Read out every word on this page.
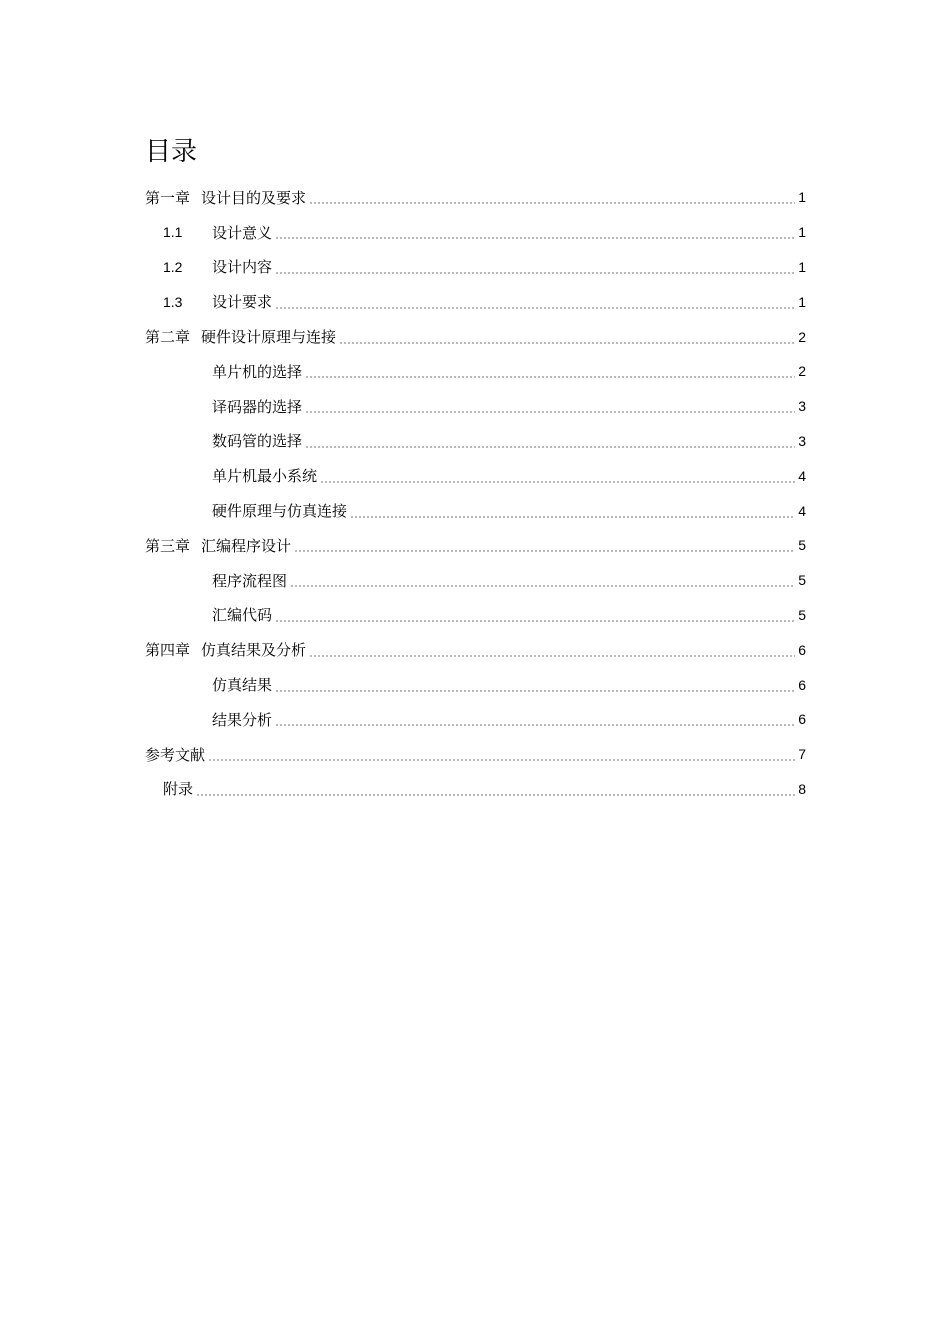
目录
第一章 设计目的及要求	1
1.1	设计意义	1
1.2	设计内容	1
1.3	设计要求	1
第二章 硬件设计原理与连接	2
单片机的选择	2
译码器的选择	3
数码管的选择	3
单片机最小系统	4
硬件原理与仿真连接	4
第三章 汇编程序设计	5
程序流程图	5
汇编代码	5
第四章 仿真结果及分析	6
仿真结果	6
结果分析	6
参考文献	7
附录	8
